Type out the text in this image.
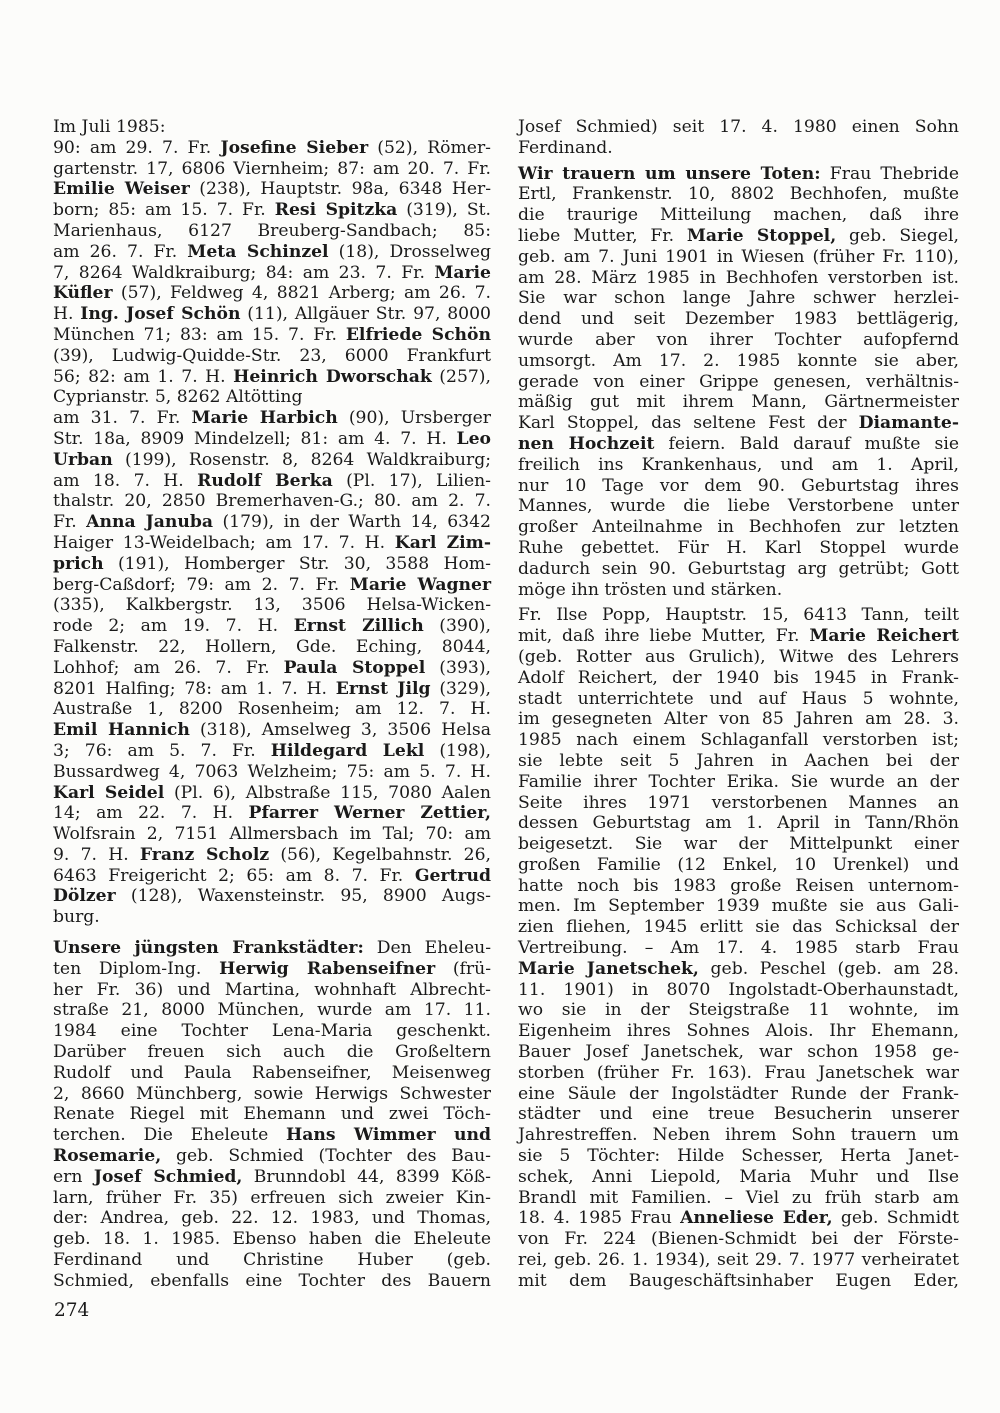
Im Juli 1985:
90: am 29. 7. Fr. Josefine Sieber (52), Römer-
gartenstr. 17, 6806 Viernheim; 87: am 20. 7. Fr.
Emilie Weiser (238), Hauptstr. 98a, 6348 Her-
born; 85: am 15. 7. Fr. Resi Spitzka (319), St.
Marienhaus, 6127 Breuberg-Sandbach; 85:
am 26. 7. Fr. Meta Schinzel (18), Drosselweg
7, 8264 Waldkraiburg; 84: am 23. 7. Fr. Marie
Küfler (57), Feldweg 4, 8821 Arberg; am 26. 7.
H. Ing. Josef Schön (11), Allgäuer Str. 97, 8000
München 71; 83: am 15. 7. Fr. Elfriede Schön
(39), Ludwig-Quidde-Str. 23, 6000 Frankfurt
56; 82: am 1. 7. H. Heinrich Dworschak (257),
Cyprianstr. 5, 8262 Altötting
am 31. 7. Fr. Marie Harbich (90), Ursberger
Str. 18a, 8909 Mindelzell; 81: am 4. 7. H. Leo
Urban (199), Rosenstr. 8, 8264 Waldkraiburg;
am 18. 7. H. Rudolf Berka (Pl. 17), Lilien-
thalstr. 20, 2850 Bremerhaven-G.; 80. am 2. 7.
Fr. Anna Januba (179), in der Warth 14, 6342
Haiger 13-Weidelbach; am 17. 7. H. Karl Zim-
prich (191), Homberger Str. 30, 3588 Hom-
berg-Caßdorf; 79: am 2. 7. Fr. Marie Wagner
(335), Kalkbergstr. 13, 3506 Helsa-Wicken-
rode 2; am 19. 7. H. Ernst Zillich (390),
Falkenstr. 22, Hollern, Gde. Eching, 8044,
Lohhof; am 26. 7. Fr. Paula Stoppel (393),
8201 Halfing; 78: am 1. 7. H. Ernst Jilg (329),
Austraße 1, 8200 Rosenheim; am 12. 7. H.
Emil Hannich (318), Amselweg 3, 3506 Helsa
3; 76: am 5. 7. Fr. Hildegard Lekl (198),
Bussardweg 4, 7063 Welzheim; 75: am 5. 7. H.
Karl Seidel (Pl. 6), Albstraße 115, 7080 Aalen
14; am 22. 7. H. Pfarrer Werner Zettier,
Wolfsrain 2, 7151 Allmersbach im Tal; 70: am
9. 7. H. Franz Scholz (56), Kegelbahnstr. 26,
6463 Freigericht 2; 65: am 8. 7. Fr. Gertrud
Dölzer (128), Waxensteinstr. 95, 8900 Augs-
burg.
Unsere jüngsten Frankstädter: Den Eheleu-
ten Diplom-Ing. Herwig Rabenseifner (frü-
her Fr. 36) und Martina, wohnhaft Albrecht-
straße 21, 8000 München, wurde am 17. 11.
1984 eine Tochter Lena-Maria geschenkt.
Darüber freuen sich auch die Großeltern
Rudolf und Paula Rabenseifner, Meisenweg
2, 8660 Münchberg, sowie Herwigs Schwester
Renate Riegel mit Ehemann und zwei Töch-
terchen. Die Eheleute Hans Wimmer und
Rosemarie, geb. Schmied (Tochter des Bau-
ern Josef Schmied, Brunndobl 44, 8399 Köß-
larn, früher Fr. 35) erfreuen sich zweier Kin-
der: Andrea, geb. 22. 12. 1983, und Thomas,
geb. 18. 1. 1985. Ebenso haben die Eheleute
Ferdinand und Christine Huber (geb.
Schmied, ebenfalls eine Tochter des Bauern
Josef Schmied) seit 17. 4. 1980 einen Sohn
Ferdinand.
Wir trauern um unsere Toten: Frau Thebride
Ertl, Frankenstr. 10, 8802 Bechhofen, mußte
die traurige Mitteilung machen, daß ihre
liebe Mutter, Fr. Marie Stoppel, geb. Siegel,
geb. am 7. Juni 1901 in Wiesen (früher Fr. 110),
am 28. März 1985 in Bechhofen verstorben ist.
Sie war schon lange Jahre schwer herzlei-
dend und seit Dezember 1983 bettlägerig,
wurde aber von ihrer Tochter aufopfernd
umsorgt. Am 17. 2. 1985 konnte sie aber,
gerade von einer Grippe genesen, verhältnis-
mäßig gut mit ihrem Mann, Gärtnermeister
Karl Stoppel, das seltene Fest der Diamante-
nen Hochzeit feiern. Bald darauf mußte sie
freilich ins Krankenhaus, und am 1. April,
nur 10 Tage vor dem 90. Geburtstag ihres
Mannes, wurde die liebe Verstorbene unter
großer Anteilnahme in Bechhofen zur letzten
Ruhe gebettet. Für H. Karl Stoppel wurde
dadurch sein 90. Geburtstag arg getrübt; Gott
möge ihn trösten und stärken.
Fr. Ilse Popp, Hauptstr. 15, 6413 Tann, teilt
mit, daß ihre liebe Mutter, Fr. Marie Reichert
(geb. Rotter aus Grulich), Witwe des Lehrers
Adolf Reichert, der 1940 bis 1945 in Frank-
stadt unterrichtete und auf Haus 5 wohnte,
im gesegneten Alter von 85 Jahren am 28. 3.
1985 nach einem Schlaganfall verstorben ist;
sie lebte seit 5 Jahren in Aachen bei der
Familie ihrer Tochter Erika. Sie wurde an der
Seite ihres 1971 verstorbenen Mannes an
dessen Geburtstag am 1. April in Tann/Rhön
beigesetzt. Sie war der Mittelpunkt einer
großen Familie (12 Enkel, 10 Urenkel) und
hatte noch bis 1983 große Reisen unternom-
men. Im September 1939 mußte sie aus Gali-
zien fliehen, 1945 erlitt sie das Schicksal der
Vertreibung. – Am 17. 4. 1985 starb Frau
Marie Janetschek, geb. Peschel (geb. am 28.
11. 1901) in 8070 Ingolstadt-Oberhaunstadt,
wo sie in der Steigstraße 11 wohnte, im
Eigenheim ihres Sohnes Alois. Ihr Ehemann,
Bauer Josef Janetschek, war schon 1958 ge-
storben (früher Fr. 163). Frau Janetschek war
eine Säule der Ingolstädter Runde der Frank-
städter und eine treue Besucherin unserer
Jahrestreffen. Neben ihrem Sohn trauern um
sie 5 Töchter: Hilde Schesser, Herta Janet-
schek, Anni Liepold, Maria Muhr und Ilse
Brandl mit Familien. – Viel zu früh starb am
18. 4. 1985 Frau Anneliese Eder, geb. Schmidt
von Fr. 224 (Bienen-Schmidt bei der Förste-
rei, geb. 26. 1. 1934), seit 29. 7. 1977 verheiratet
mit dem Baugeschäftsinhaber Eugen Eder,
274
